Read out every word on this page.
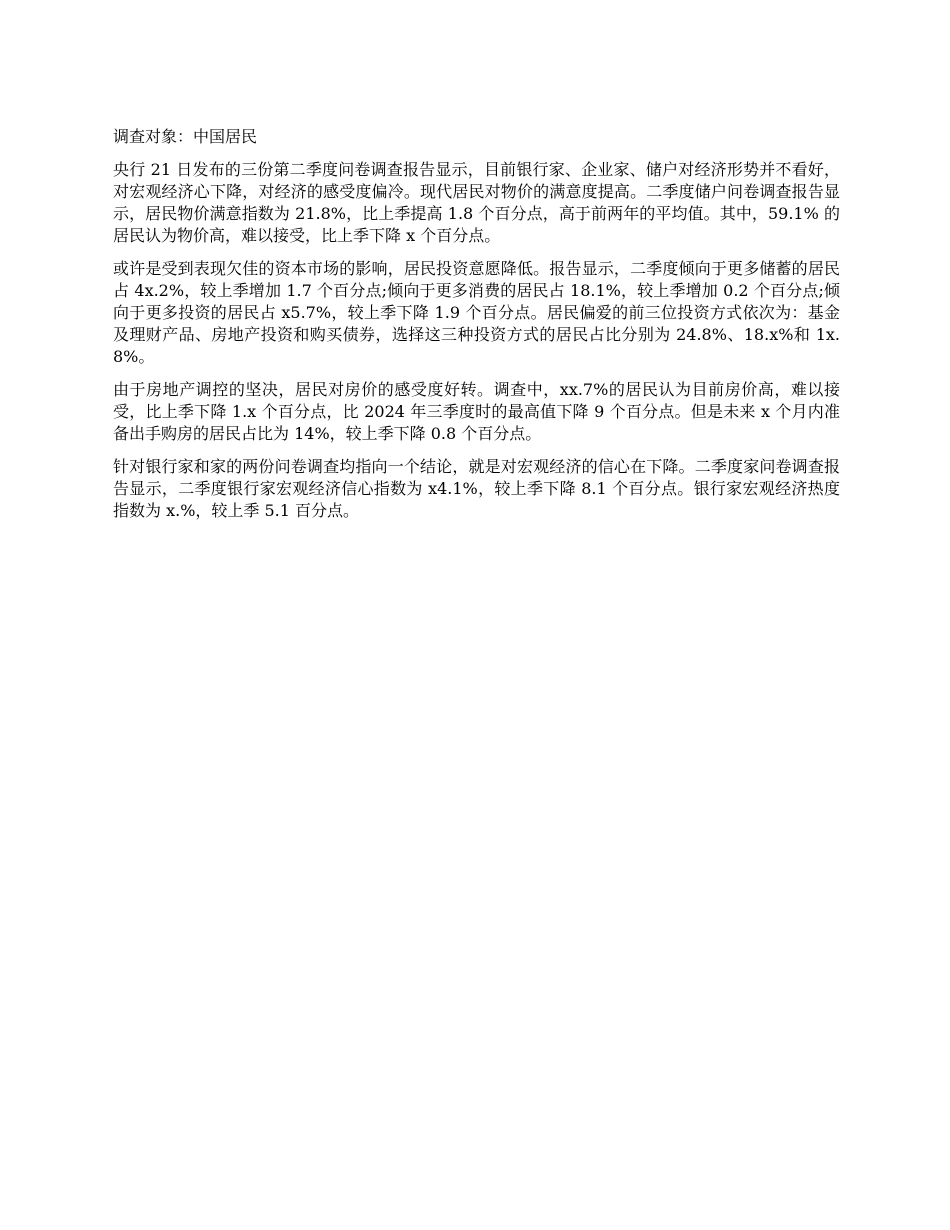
调查对象：中国居民

央行 21 日发布的三份第二季度问卷调查报告显示，目前银行家、企业家、储户对经济形势并不看好，对宏观经济心下降，对经济的感受度偏冷。现代居民对物价的满意度提高。二季度储户问卷调查报告显示，居民物价满意指数为 21.8%，比上季提高 1.8 个百分点，高于前两年的平均值。其中，59.1% 的居民认为物价高，难以接受，比上季下降 x 个百分点。

或许是受到表现欠佳的资本市场的影响，居民投资意愿降低。报告显示，二季度倾向于更多储蓄的居民占 4x.2%，较上季增加 1.7 个百分点;倾向于更多消费的居民占 18.1%，较上季增加 0.2 个百分点;倾向于更多投资的居民占 x5.7%，较上季下降 1.9 个百分点。居民偏爱的前三位投资方式依次为：基金及理财产品、房地产投资和购买债券，选择这三种投资方式的居民占比分别为 24.8%、18.x%和 1x.8%。

由于房地产调控的坚决，居民对房价的感受度好转。调查中，xx.7%的居民认为目前房价高，难以接受，比上季下降 1.x 个百分点，比 2024 年三季度时的最高值下降 9 个百分点。但是未来 x 个月内准备出手购房的居民占比为 14%，较上季下降 0.8 个百分点。

针对银行家和家的两份问卷调查均指向一个结论，就是对宏观经济的信心在下降。二季度家问卷调查报告显示，二季度银行家宏观经济信心指数为 x4.1%，较上季下降 8.1 个百分点。银行家宏观经济热度指数为 x.%，较上季 5.1 百分点。
